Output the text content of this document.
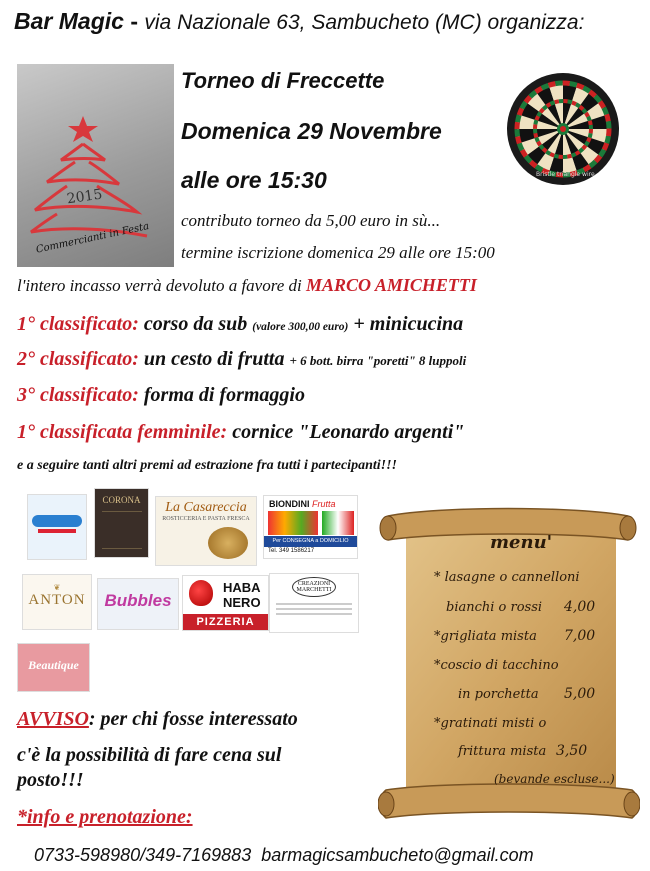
Bar Magic - via Nazionale 63, Sambucheto (MC) organizza:
2015
Commercianti in Festa
Torneo di Freccette
Domenica 29 Novembre
alle ore 15:30	Bristle triangle wire
contributo torneo da 5,00 euro in sù...
termine iscrizione domenica 29 alle ore 15:00
l'intero incasso verrà devoluto a favore di MARCO AMICHETTI
1° classificato: corso da sub (valore 300,00 euro) + minicucina
2° classificato: un cesto di frutta + 6 bott. birra "poretti" 8 luppoli
3° classificato: forma di formaggio
1° classificata femminile: cornice "Leonardo argenti"
e a seguire tanti altri premi ad estrazione fra tutti i partecipanti!!!
CORONA	La Casareccia
ROSTICCERIA E PASTA FRESCA
BIONDINI Frutta
Per CONSEGNA a DOMICILIO
Tel. 349 1586217
❦
ANTON	Bubbles
HABA
NERO
PIZZERIA
CREAZIONI
MARCHETTI
Beautique
menu'
* lasagne o cannelloni
bianchi o rossi 4,00
*grigliata mista 7,00
*coscio di tacchino
in porchetta 5,00
*gratinati misti o
frittura mista 3,50
(bevande escluse...)
AVVISO: per chi fosse interessato
c'è la possibilità di fare cena sul
posto!!!
*info e prenotazione:
0733-598980/349-7169883 barmagicsambucheto@gmail.com
